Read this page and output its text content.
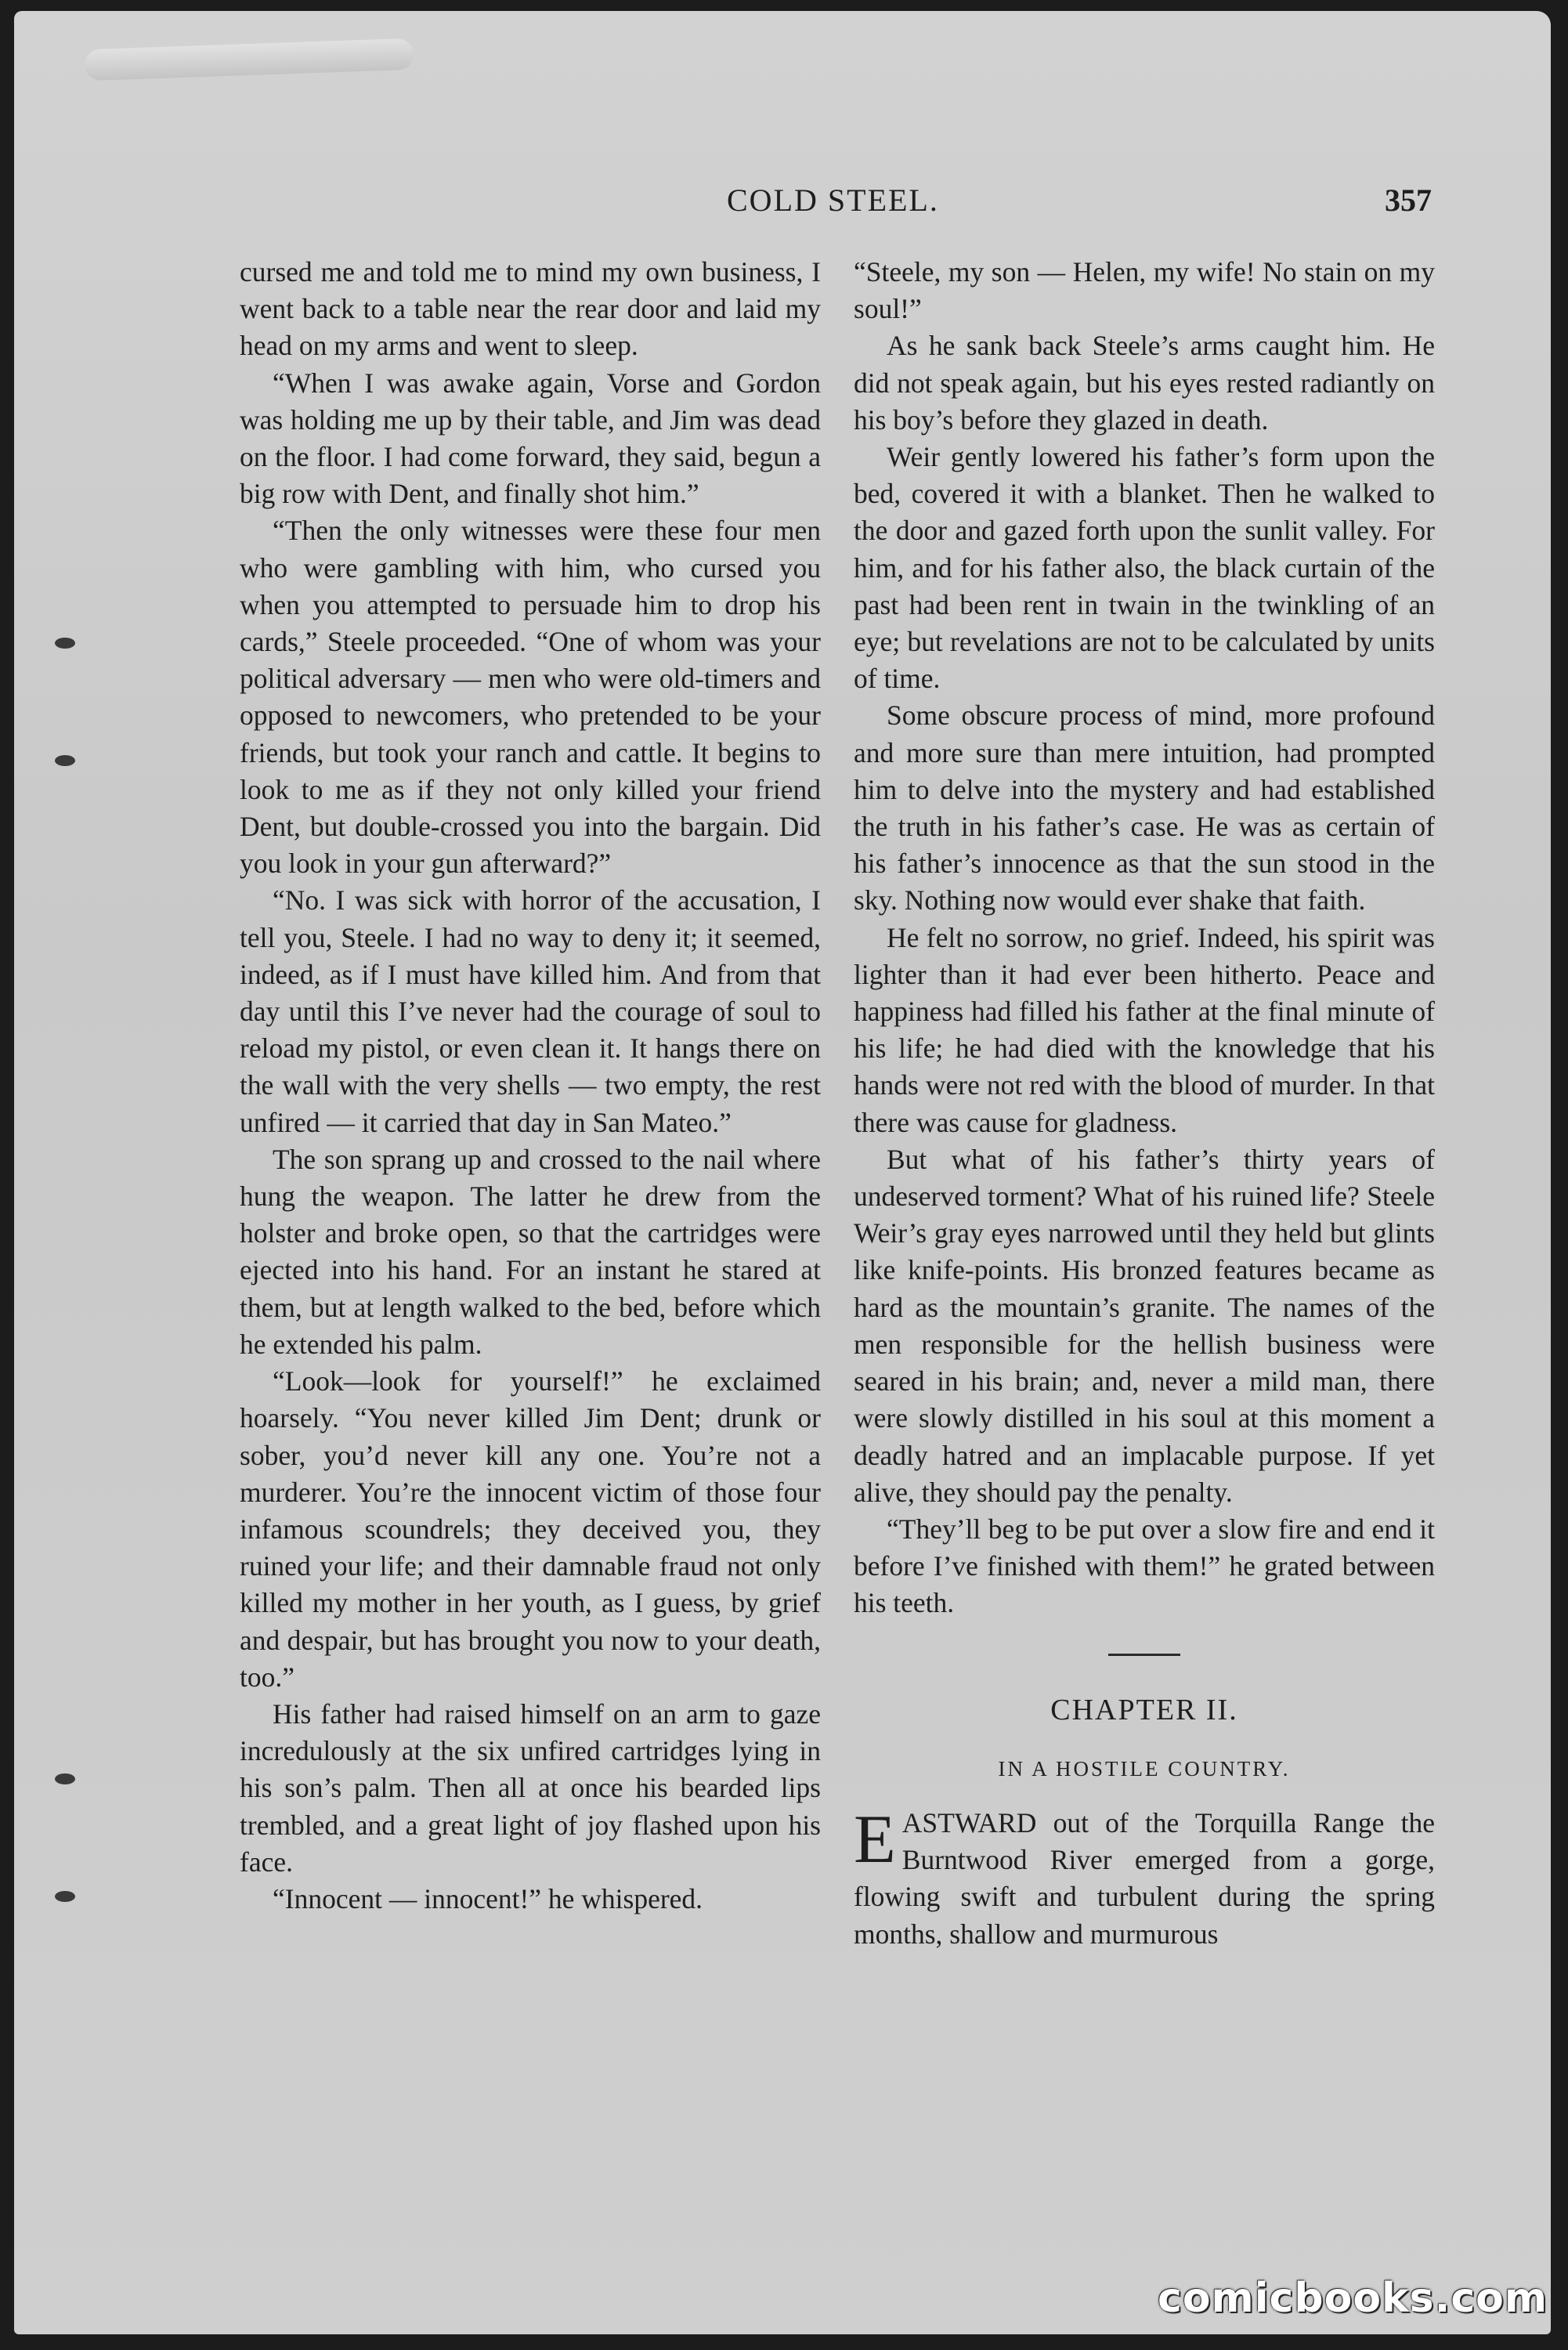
COLD STEEL.	357

cursed me and told me to mind my own business, I went back to a table near the rear door and laid my head on my arms and went to sleep.

“When I was awake again, Vorse and Gordon was holding me up by their table, and Jim was dead on the floor. I had come forward, they said, begun a big row with Dent, and finally shot him.”

“Then the only witnesses were these four men who were gambling with him, who cursed you when you attempted to persuade him to drop his cards,” Steele proceeded. “One of whom was your political adversary — men who were old-timers and opposed to newcomers, who pretended to be your friends, but took your ranch and cattle. It begins to look to me as if they not only killed your friend Dent, but double-crossed you into the bargain. Did you look in your gun afterward?”

“No. I was sick with horror of the accusation, I tell you, Steele. I had no way to deny it; it seemed, indeed, as if I must have killed him. And from that day until this I’ve never had the courage of soul to reload my pistol, or even clean it. It hangs there on the wall with the very shells — two empty, the rest unfired — it carried that day in San Mateo.”

The son sprang up and crossed to the nail where hung the weapon. The latter he drew from the holster and broke open, so that the cartridges were ejected into his hand. For an instant he stared at them, but at length walked to the bed, before which he extended his palm.

“Look—look for yourself!” he exclaimed hoarsely. “You never killed Jim Dent; drunk or sober, you’d never kill any one. You’re not a murderer. You’re the innocent victim of those four infamous scoundrels; they deceived you, they ruined your life; and their damnable fraud not only killed my mother in her youth, as I guess, by grief and despair, but has brought you now to your death, too.”

His father had raised himself on an arm to gaze incredulously at the six unfired cartridges lying in his son’s palm. Then all at once his bearded lips trembled, and a great light of joy flashed upon his face.

“Innocent — innocent!” he whispered.

“Steele, my son — Helen, my wife! No stain on my soul!”

As he sank back Steele’s arms caught him. He did not speak again, but his eyes rested radiantly on his boy’s before they glazed in death.

Weir gently lowered his father’s form upon the bed, covered it with a blanket. Then he walked to the door and gazed forth upon the sunlit valley. For him, and for his father also, the black curtain of the past had been rent in twain in the twinkling of an eye; but revelations are not to be calculated by units of time.

Some obscure process of mind, more profound and more sure than mere intuition, had prompted him to delve into the mystery and had established the truth in his father’s case. He was as certain of his father’s innocence as that the sun stood in the sky. Nothing now would ever shake that faith.

He felt no sorrow, no grief. Indeed, his spirit was lighter than it had ever been hitherto. Peace and happiness had filled his father at the final minute of his life; he had died with the knowledge that his hands were not red with the blood of murder. In that there was cause for gladness.

But what of his father’s thirty years of undeserved torment? What of his ruined life? Steele Weir’s gray eyes narrowed until they held but glints like knife-points. His bronzed features became as hard as the mountain’s granite. The names of the men responsible for the hellish business were seared in his brain; and, never a mild man, there were slowly distilled in his soul at this moment a deadly hatred and an implacable purpose. If yet alive, they should pay the penalty.

“They’ll beg to be put over a slow fire and end it before I’ve finished with them!” he grated between his teeth.

CHAPTER II.
IN A HOSTILE COUNTRY.

EASTWARD out of the Torquilla Range the Burntwood River emerged from a gorge, flowing swift and turbulent during the spring months, shallow and murmurous

comicbooks.com
